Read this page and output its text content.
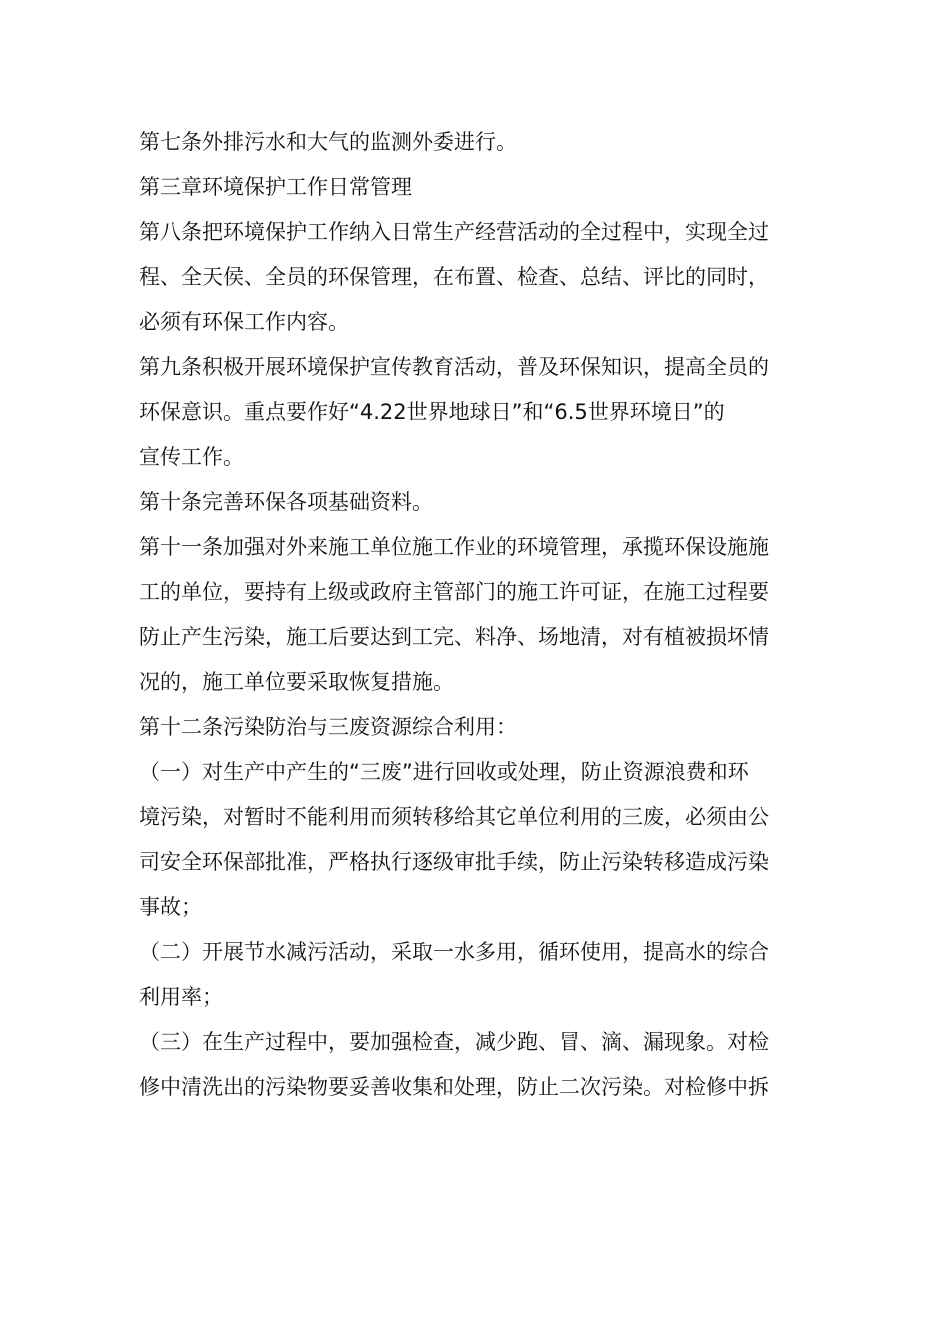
第七条外排污水和大气的监测外委进行。

第三章环境保护工作日常管理

第八条把环境保护工作纳入日常生产经营活动的全过程中，实现全过
程、全天侯、全员的环保管理，在布置、检查、总结、评比的同时，
必须有环保工作内容。

第九条积极开展环境保护宣传教育活动，普及环保知识，提高全员的
环保意识。重点要作好“4.22世界地球日”和“6.5世界环境日”的
宣传工作。

第十条完善环保各项基础资料。

第十一条加强对外来施工单位施工作业的环境管理，承揽环保设施施
工的单位，要持有上级或政府主管部门的施工许可证，在施工过程要
防止产生污染，施工后要达到工完、料净、场地清，对有植被损坏情
况的，施工单位要采取恢复措施。

第十二条污染防治与三废资源综合利用：

（一）对生产中产生的“三废”进行回收或处理，防止资源浪费和环
境污染，对暂时不能利用而须转移给其它单位利用的三废，必须由公
司安全环保部批准，严格执行逐级审批手续，防止污染转移造成污染
事故；

（二）开展节水减污活动，采取一水多用，循环使用，提高水的综合
利用率；

（三）在生产过程中，要加强检查，减少跑、冒、滴、漏现象。对检
修中清洗出的污染物要妥善收集和处理，防止二次污染。对检修中拆
